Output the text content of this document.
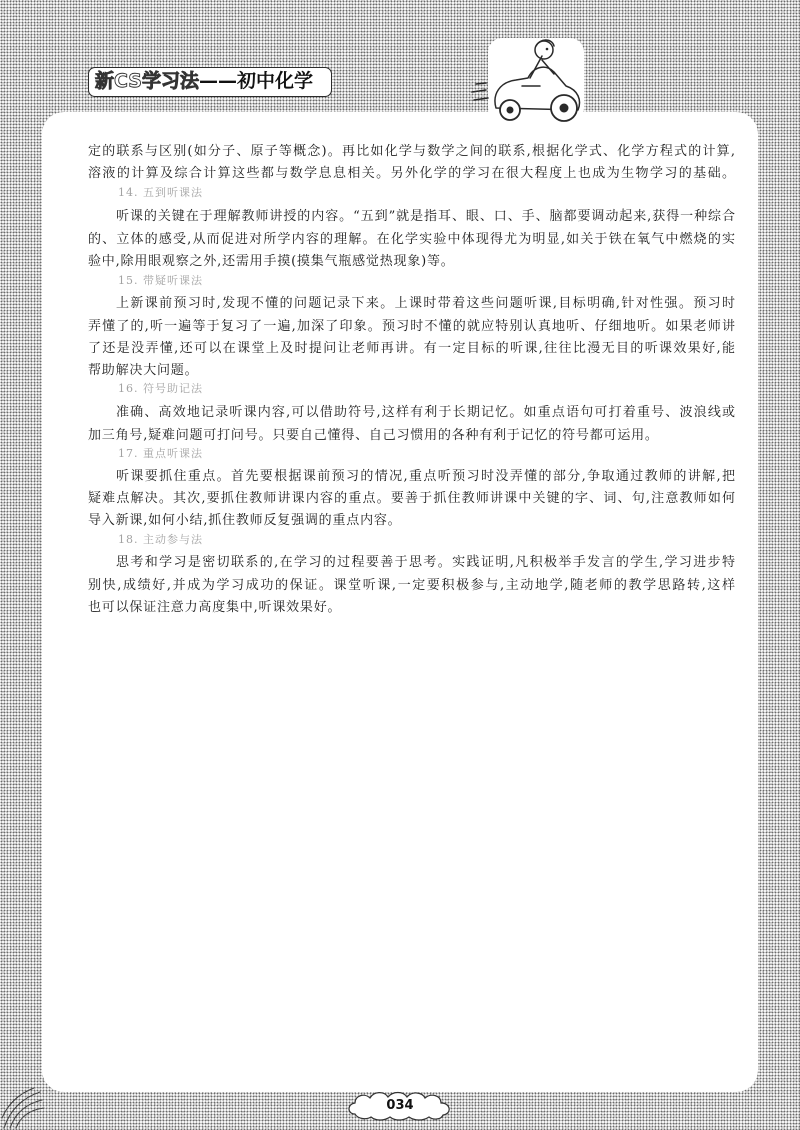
新CS学习法——初中化学
定的联系与区别(如分子、原子等概念)。再比如化学与数学之间的联系,根据化学式、化学方程式的计算,
溶液的计算及综合计算这些都与数学息息相关。另外化学的学习在很大程度上也成为生物学习的基础。
14. 五到听课法
听课的关键在于理解教师讲授的内容。“五到”就是指耳、眼、口、手、脑都要调动起来,获得一种综合
的、立体的感受,从而促进对所学内容的理解。在化学实验中体现得尤为明显,如关于铁在氧气中燃烧的实
验中,除用眼观察之外,还需用手摸(摸集气瓶感觉热现象)等。
15. 带疑听课法
上新课前预习时,发现不懂的问题记录下来。上课时带着这些问题听课,目标明确,针对性强。预习时
弄懂了的,听一遍等于复习了一遍,加深了印象。预习时不懂的就应特别认真地听、仔细地听。如果老师讲
了还是没弄懂,还可以在课堂上及时提问让老师再讲。有一定目标的听课,往往比漫无目的听课效果好,能
帮助解决大问题。
16. 符号助记法
准确、高效地记录听课内容,可以借助符号,这样有利于长期记忆。如重点语句可打着重号、波浪线或
加三角号,疑难问题可打问号。只要自己懂得、自己习惯用的各种有利于记忆的符号都可运用。
17. 重点听课法
听课要抓住重点。首先要根据课前预习的情况,重点听预习时没弄懂的部分,争取通过教师的讲解,把
疑难点解决。其次,要抓住教师讲课内容的重点。要善于抓住教师讲课中关键的字、词、句,注意教师如何
导入新课,如何小结,抓住教师反复强调的重点内容。
18. 主动参与法
思考和学习是密切联系的,在学习的过程要善于思考。实践证明,凡积极举手发言的学生,学习进步特
别快,成绩好,并成为学习成功的保证。课堂听课,一定要积极参与,主动地学,随老师的教学思路转,这样
也可以保证注意力高度集中,听课效果好。
034
